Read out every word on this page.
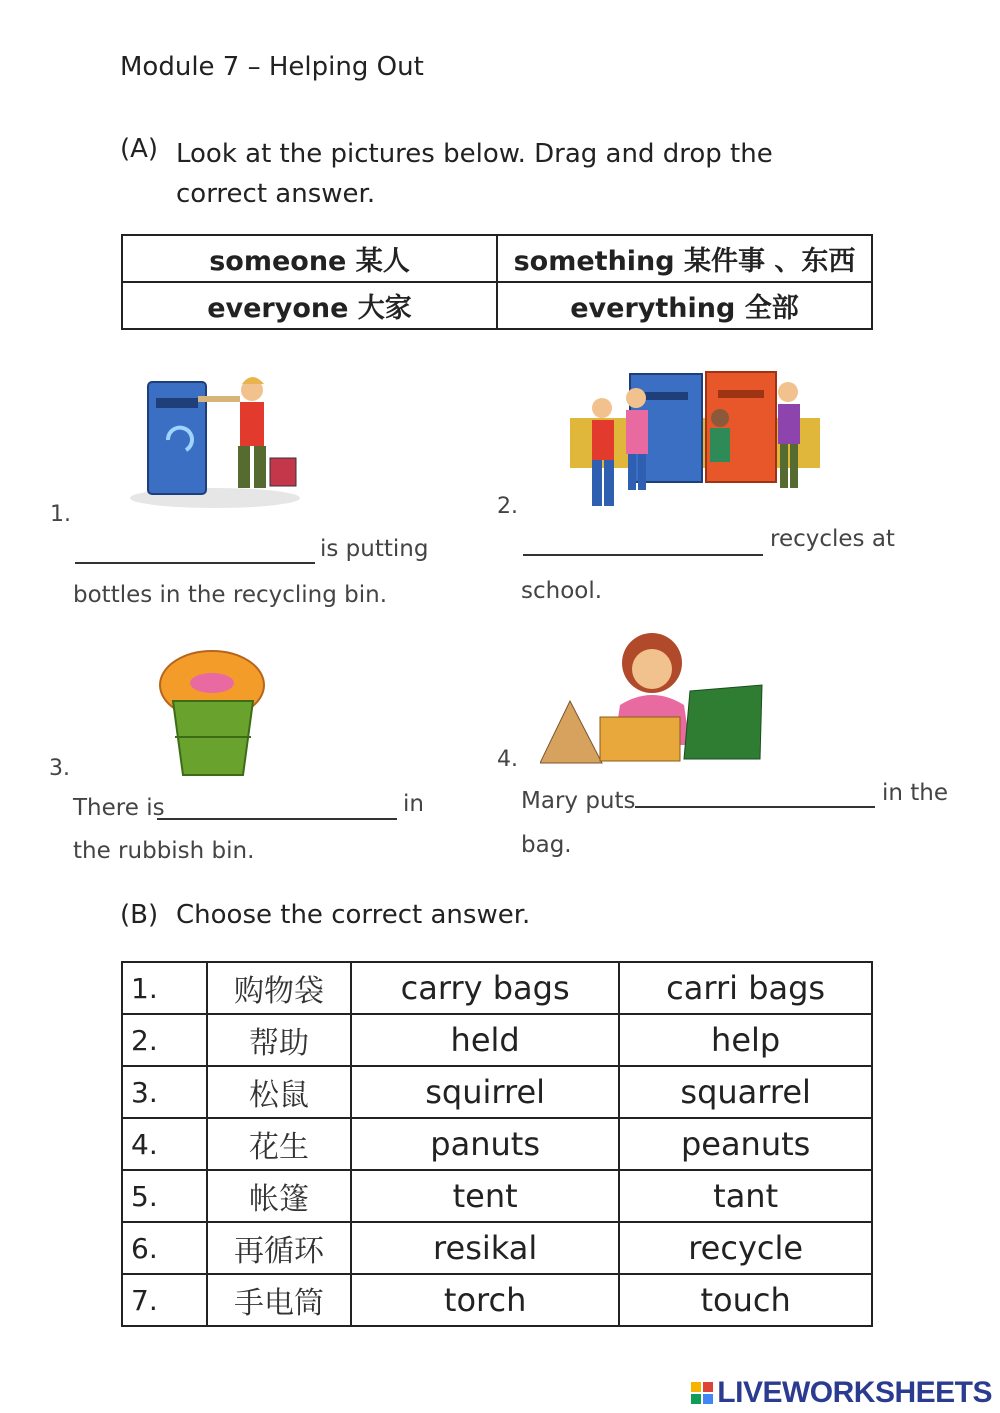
Module 7 – Helping Out
(A) Look at the pictures below. Drag and drop the correct answer.
someone 某人	something 某件事 、东西
everyone 大家	everything 全部
1.
is putting
bottles in the recycling bin.
2.
recycles at
school.
3.
There is	in
the rubbish bin.
4.
Mary puts	in the
bag.
(B) Choose the correct answer.
1.	购物袋	carry bags	carri bags
2.	帮助	held	help
3.	松鼠	squirrel	squarrel
4.	花生	panuts	peanuts
5.	帐篷	tent	tant
6.	再循环	resikal	recycle
7.	手电筒	torch	touch
LIVEWORKSHEETS
